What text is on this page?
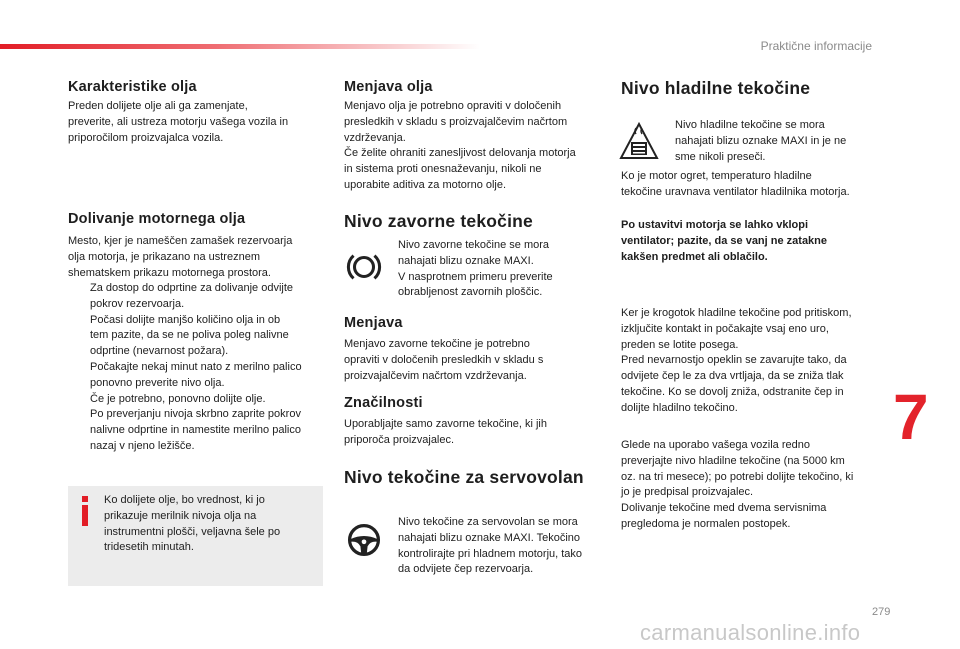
Praktične informacije
Karakteristike olja
Preden dolijete olje ali ga zamenjate,
preverite, ali ustreza motorju vašega vozila in
priporočilom proizvajalca vozila.
Dolivanje motornega olja
Mesto, kjer je nameščen zamašek rezervoarja
olja motorja, je prikazano na ustreznem
shematskem prikazu motornega prostora.
Za dostop do odprtine za dolivanje odvijte
pokrov rezervoarja.
Počasi dolijte manjšo količino olja in ob
tem pazite, da se ne poliva poleg nalivne
odprtine (nevarnost požara).
Počakajte nekaj minut nato z merilno palico
ponovno preverite nivo olja.
Če je potrebno, ponovno dolijte olje.
Po preverjanju nivoja skrbno zaprite pokrov
nalivne odprtine in namestite merilno palico
nazaj v njeno ležišče.
Ko dolijete olje, bo vrednost, ki jo
prikazuje merilnik nivoja olja na
instrumentni plošči, veljavna šele po
tridesetih minutah.
Menjava olja
Menjavo olja je potrebno opraviti v določenih
presledkih v skladu s proizvajalčevim načrtom
vzdrževanja.
Če želite ohraniti zanesljivost delovanja motorja
in sistema proti onesnaževanju, nikoli ne
uporabite aditiva za motorno olje.
Nivo zavorne tekočine
Nivo zavorne tekočine se mora
nahajati blizu oznake MAXI.
V nasprotnem primeru preverite
obrabljenost zavornih ploščic.
Menjava
Menjavo zavorne tekočine je potrebno
opraviti v določenih presledkih v skladu s
proizvajalčevim načrtom vzdrževanja.
Značilnosti
Uporabljajte samo zavorne tekočine, ki jih
priporoča proizvajalec.
Nivo tekočine za servovolan
Nivo tekočine za servovolan se mora
nahajati blizu oznake MAXI. Tekočino
kontrolirajte pri hladnem motorju, tako
da odvijete čep rezervoarja.
Nivo hladilne tekočine
Nivo hladilne tekočine se mora
nahajati blizu oznake MAXI in je ne
sme nikoli preseči.
Ko je motor ogret, temperaturo hladilne
tekočine uravnava ventilator hladilnika motorja.
Po ustavitvi motorja se lahko vklopi
ventilator; pazite, da se vanj ne zatakne
kakšen predmet ali oblačilo.
Ker je krogotok hladilne tekočine pod pritiskom,
izključite kontakt in počakajte vsaj eno uro,
preden se lotite posega.
Pred nevarnostjo opeklin se zavarujte tako, da
odvijete čep le za dva vrtljaja, da se zniža tlak
tekočine. Ko se dovolj zniža, odstranite čep in
dolijte hladilno tekočino.
Glede na uporabo vašega vozila redno
preverjajte nivo hladilne tekočine (na 5000 km
oz. na tri mesece); po potrebi dolijte tekočino, ki
jo je predpisal proizvajalec.
Dolivanje tekočine med dvema servisnima
pregledoma je normalen postopek.
7
279
carmanualsonline.info
